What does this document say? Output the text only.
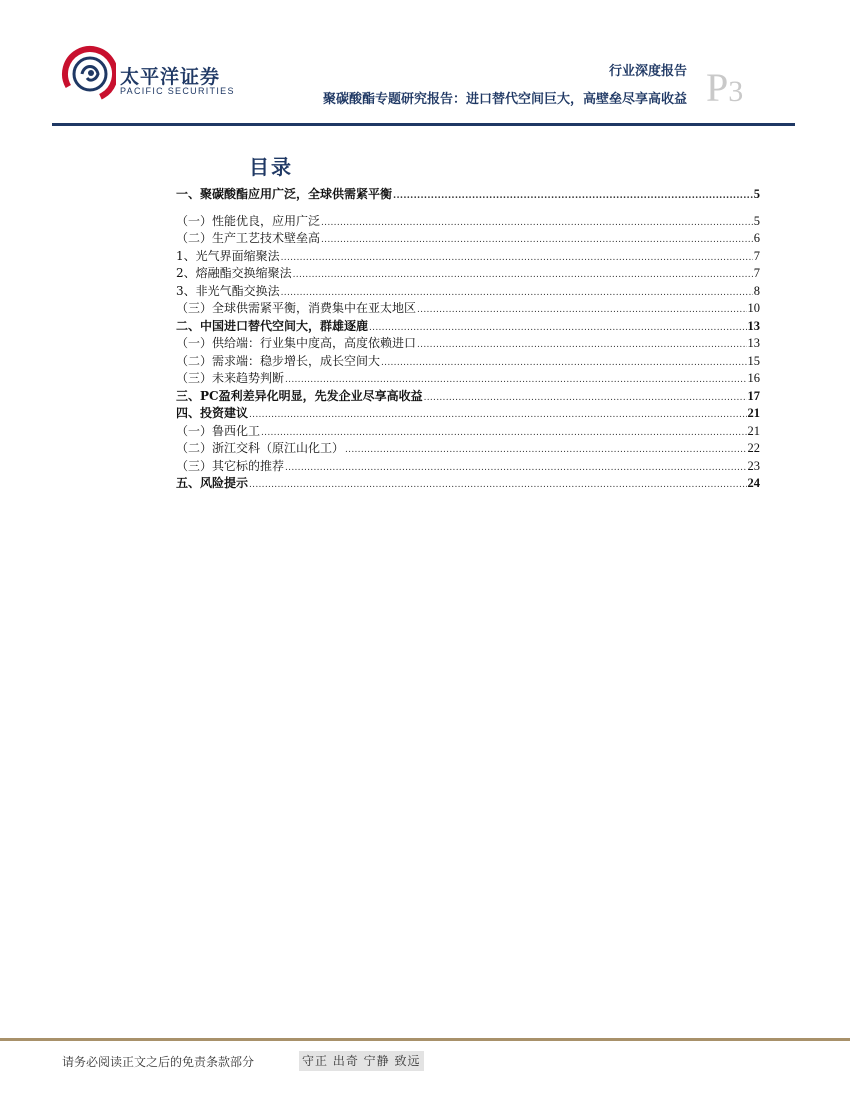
太平洋证券
PACIFIC SECURITIES
行业深度报告
聚碳酸酯专题研究报告：进口替代空间巨大，高壁垒尽享高收益 P3
目录
一、聚碳酸酯应用广泛，全球供需紧平衡 .....	5
（一）性能优良，应用广泛 .....	5
（二）生产工艺技术壁垒高 .....	6
1、光气界面缩聚法 .....	7
2、熔融酯交换缩聚法 .....	7
3、非光气酯交换法 .....	8
（三）全球供需紧平衡，消费集中在亚太地区 .....	10
二、中国进口替代空间大，群雄逐鹿 .....	13
（一）供给端：行业集中度高，高度依赖进口 .....	13
（二）需求端：稳步增长，成长空间大 .....	15
（三）未来趋势判断 .....	16
三、PC盈利差异化明显，先发企业尽享高收益 .....	17
四、投资建议 .....	21
（一）鲁西化工 .....	21
（二）浙江交科（原江山化工） .....	22
（三）其它标的推荐 .....	23
五、风险提示 .....	24
请务必阅读正文之后的免责条款部分	守正 出奇 宁静 致远
